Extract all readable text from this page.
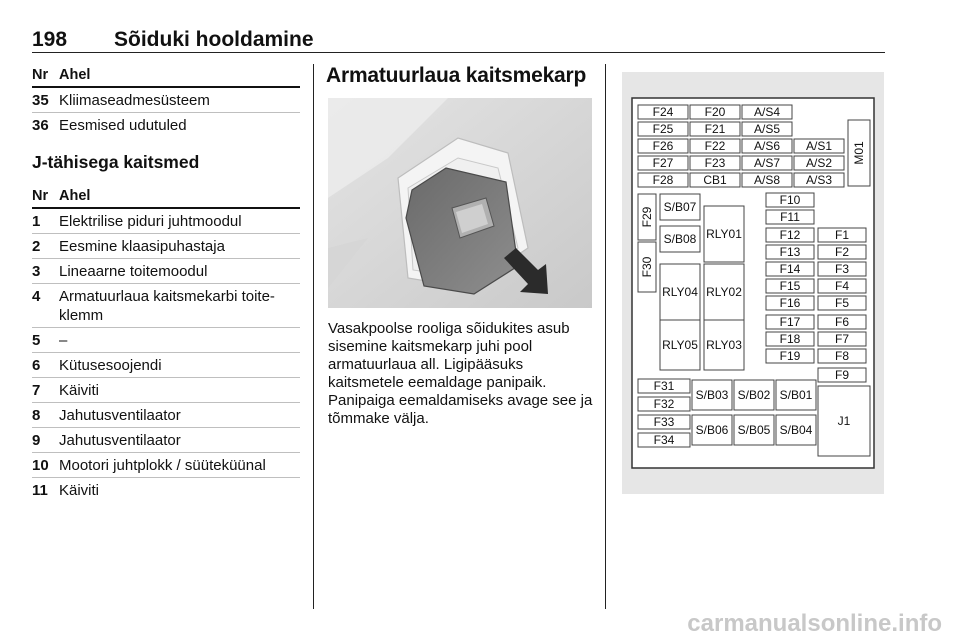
198 Sõiduki hooldamine
Nr Ahel
35 Kliimaseadmesüsteem
36 Eesmised udutuled
J-tähisega kaitsmed
Nr Ahel
1	Elektrilise piduri juhtmoodul
2	Eesmine klaasipuhastaja
3	Lineaarne toitemoodul
4	Armatuurlaua kaitsmekarbi toite-klemm
5	–
6	Kütusesoojendi
7	Käiviti
8	Jahutusventilaator
9	Jahutusventilaator
10 Mootori juhtplokk / süüteküünal
11 Käiviti
Armatuurlaua kaitsmekarp
Vasakpoolse rooliga sõidukites asub sisemine kaitsmekarp juhi pool armatuurlaua all. Ligipääsuks kaitsmetele eemaldage panipaik. Panipaiga eemaldamiseks avage see ja tõmmake välja.
F24	F20 A/S4
F25	F21 A/S5
F26	F22 A/S6 A/S1
F27	F23 A/S7 A/S2
F28 CB1 A/S8 A/S3
M01
F29
F30
S/B07
S/B08 RLY01
RLY04 RLY02
RLY05 RLY03
F10
F11
F12	F1
F13	F2
F14	F3
F15	F4
F16	F5
F17	F6
F18	F7
F19	F8
F9
F31
F32
F33
F34
S/B03 S/B02 S/B01
S/B06 S/B05 S/B04
J1
carmanualsonline.info
